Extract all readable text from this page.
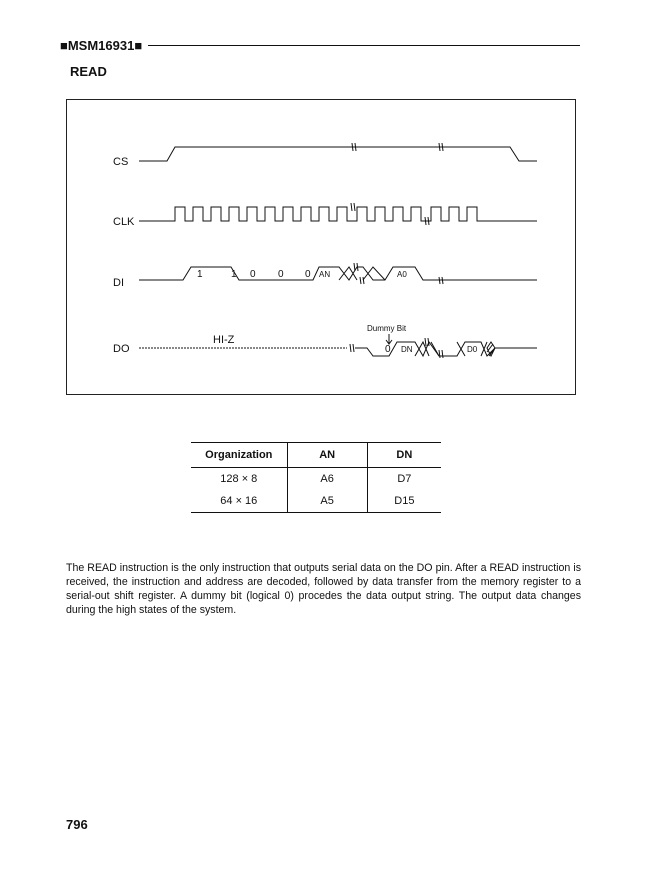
■MSM16931■
READ
CS
CLK
DI
DO
1	1 0 0 0 AN	A0
HI-Z
Dummy Bit
0 DN	D0
Organization	AN	DN
128 × 8	A6	D7
64 × 16	A5	D15

The READ instruction is the only instruction that outputs serial data on the DO pin. After a READ instruction is received, the instruction and address are decoded, followed by data transfer from the memory register to a serial-out shift register. A dummy bit (logical 0) procedes the data output string. The output data changes during the high states of the system.

796
